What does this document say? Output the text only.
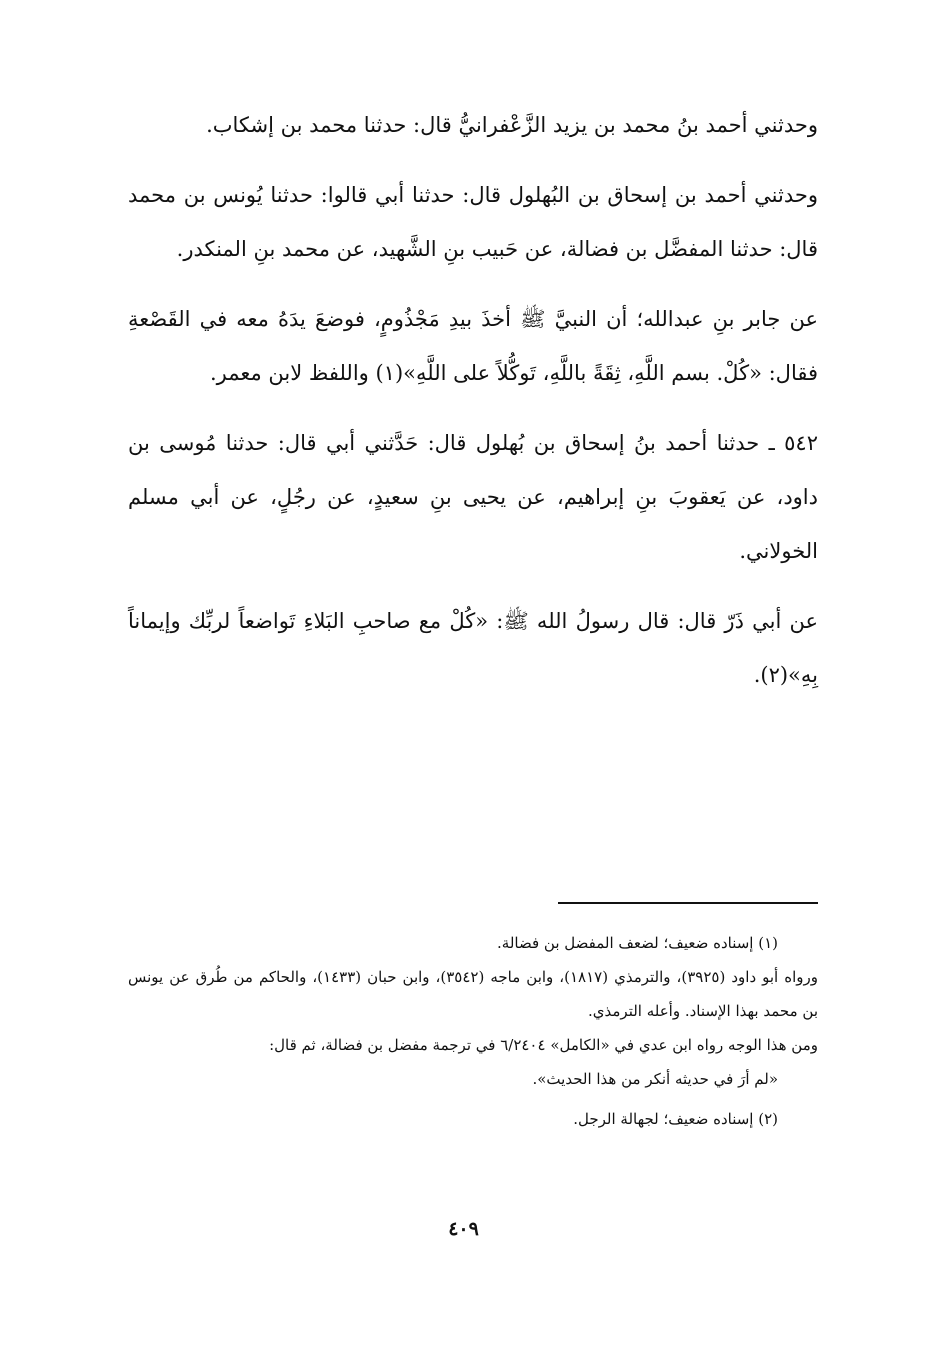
وحدثني أحمد بنُ محمد بن يزيد الزَّعْفرانيُّ قال: حدثنا محمد بن إشكاب.

وحدثني أحمد بن إسحاق بن البُهلول قال: حدثنا أبي قالوا: حدثنا يُونس بن محمد قال: حدثنا المفضَّل بن فضالة، عن حَبيب بنِ الشَّهيد، عن محمد بنِ المنكدر.

عن جابر بنِ عبدالله؛ أن النبيَّ ﷺ أخذَ بيدِ مَجْذُومٍ، فوضعَ يدَهُ معه في القَصْعةِ فقال: «كُلْ. بسم اللَّهِ، ثِقَةً باللَّهِ، تَوكُّلاً على اللَّهِ»(١) واللفظ لابن معمر.

٥٤٢ ـ حدثنا أحمد بنُ إسحاق بن بُهلول قال: حَدَّثني أبي قال: حدثنا مُوسى بن داود، عن يَعقوبَ بنِ إبراهيم، عن يحيى بنِ سعيدٍ، عن رجُلٍ، عن أبي مسلم الخولاني.

عن أبي ذَرّ قال: قال رسولُ الله ﷺ: «كُلْ مع صاحبِ البَلاءِ تَواضعاً لربِّك وإيماناً بِهِ»(٢).

(١) إسناده ضعيف؛ لضعف المفضل بن فضالة.

ورواه أبو داود (٣٩٢٥)، والترمذي (١٨١٧)، وابن ماجه (٣٥٤٢)، وابن حبان (١٤٣٣)، والحاكم من طُرق عن يونس بن محمد بهذا الإسناد. وأعله الترمذي.

ومن هذا الوجه رواه ابن عدي في «الكامل» ٦/٢٤٠٤ في ترجمة مفضل بن فضالة، ثم قال:

«لم أرَ في حديثه أنكر من هذا الحديث».

(٢) إسناده ضعيف؛ لجهالة الرجل.

٤٠٩
